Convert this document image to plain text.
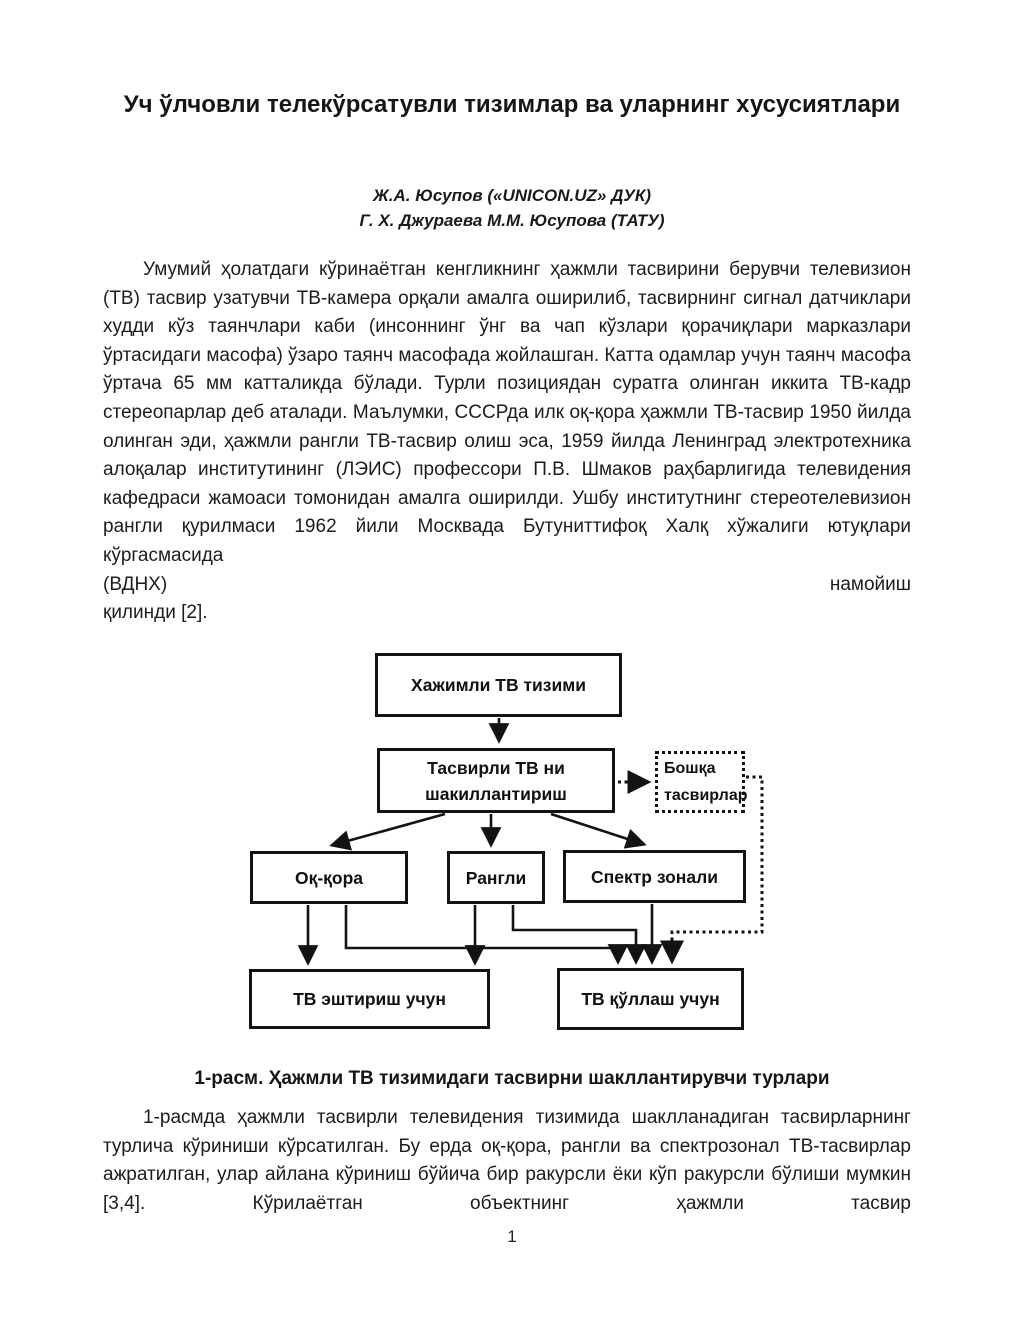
Уч ўлчовли телекўрсатувли тизимлар ва уларнинг хусусиятлари
Ж.А. Юсупов («UNICON.UZ» ДУК)
Г. Х. Джураева М.М. Юсупова (ТАТУ)
Умумий ҳолатдаги кўринаётган кенгликнинг ҳажмли тасвирини берувчи телевизион (ТВ) тасвир узатувчи ТВ-камера орқали амалга оширилиб, тасвирнинг сигнал датчиклари худди кўз таянчлари каби (инсоннинг ўнг ва чап кўзлари қорачиқлари марказлари ўртасидаги масофа) ўзаро таянч масофада жойлашган. Катта одамлар учун таянч масофа ўртача 65 мм катталикда бўлади. Турли позициядан суратга олинган иккита ТВ-кадр стереопарлар деб аталади. Маълумки, СССРда илк оқ-қора ҳажмли ТВ-тасвир 1950 йилда олинган эди, ҳажмли рангли ТВ-тасвир олиш эса, 1959 йилда Ленинград электротехника алоқалар институтининг (ЛЭИС) профессори П.В. Шмаков раҳбарлигида телевидения кафедраси жамоаси томонидан амалга оширилди. Ушбу институтнинг стереотелевизион рангли қурилмаси 1962 йили Москвада Бутуниттифоқ Халқ хўжалиги ютуқлари кўргасмасида
(ВДНХ)	намойиш
қилинди [2].
Хажимли ТВ тизими
Тасвирли ТВ ни шакиллантириш
Бошқа тасвирлар
Оқ-қора	Рангли	Спектр зонали
ТВ эштириш учун	ТВ қўллаш учун
1-расм. Ҳажмли ТВ тизимидаги тасвирни шакллантирувчи турлари
1-расмда ҳажмли тасвирли телевидения тизимида шаклланадиган тасвирларнинг турлича кўриниши кўрсатилган. Бу ерда оқ-қора, рангли ва спектрозонал ТВ-тасвирлар ажратилган, улар айлана кўриниш бўйича бир ракурсли ёки кўп ракурсли бўлиши мумкин [3,4]. Кўрилаётган объектнинг ҳажмли тасвир
1
